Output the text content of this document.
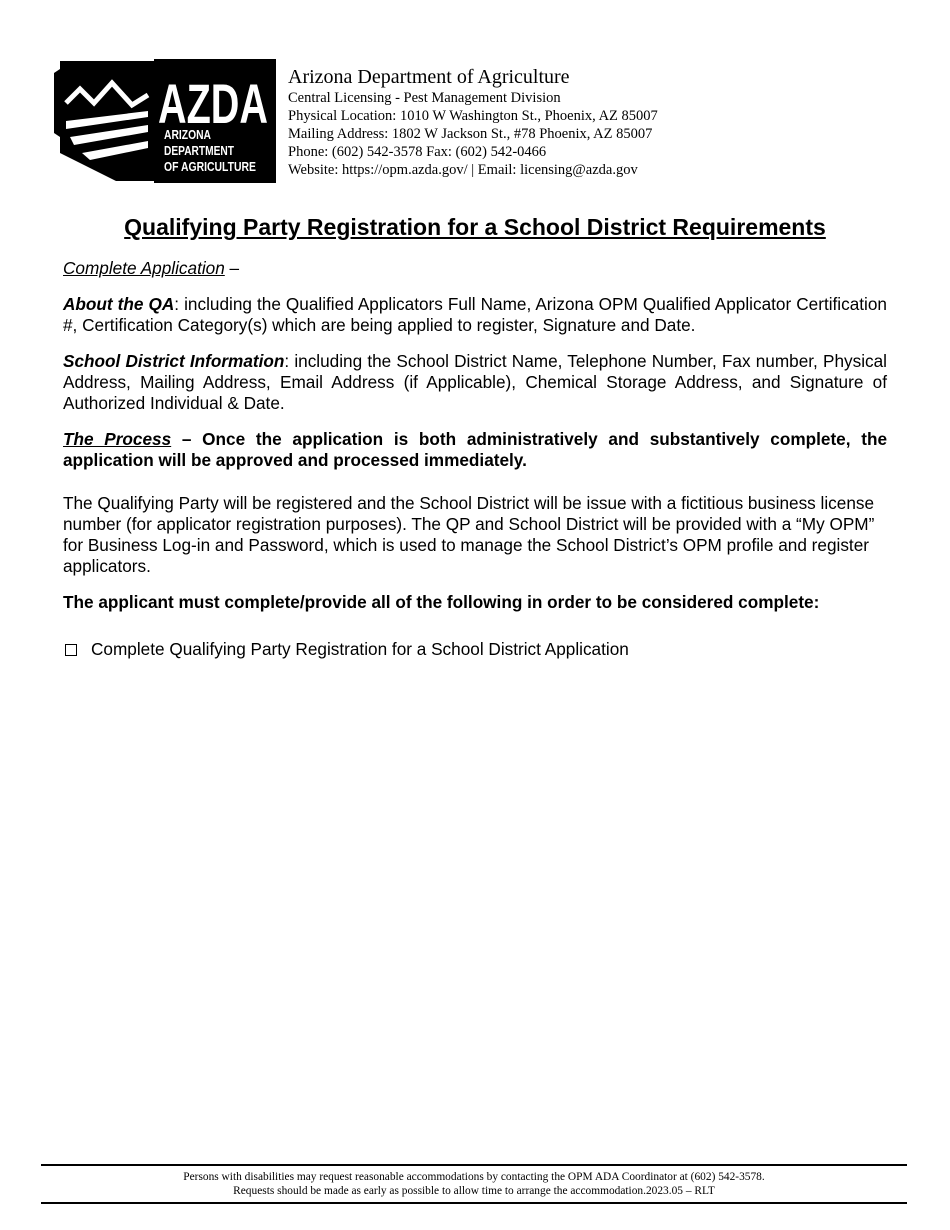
AZDA
ARIZONA
DEPARTMENT
OF AGRICULTURE
Arizona Department of Agriculture
Central Licensing - Pest Management Division
Physical Location: 1010 W Washington St., Phoenix, AZ 85007
Mailing Address: 1802 W Jackson St., #78 Phoenix, AZ 85007
Phone: (602) 542-3578 Fax: (602) 542-0466
Website: https://opm.azda.gov/ | Email: licensing@azda.gov
Qualifying Party Registration for a School District Requirements

Complete Application –

About the QA: including the Qualified Applicators Full Name, Arizona OPM Qualified Applicator Certification #, Certification Category(s) which are being applied to register, Signature and Date.

School District Information: including the School District Name, Telephone Number, Fax number, Physical Address, Mailing Address, Email Address (if Applicable), Chemical Storage Address, and Signature of Authorized Individual & Date.

The Process – Once the application is both administratively and substantively complete, the application will be approved and processed immediately.

The Qualifying Party will be registered and the School District will be issue with a fictitious business license number (for applicator registration purposes). The QP and School District will be provided with a “My OPM” for Business Log-in and Password, which is used to manage the School District’s OPM profile and register applicators.

The applicant must complete/provide all of the following in order to be considered complete:

Complete Qualifying Party Registration for a School District Application
Persons with disabilities may request reasonable accommodations by contacting the OPM ADA Coordinator at (602) 542-3578.
Requests should be made as early as possible to allow time to arrange the accommodation.2023.05 – RLT
